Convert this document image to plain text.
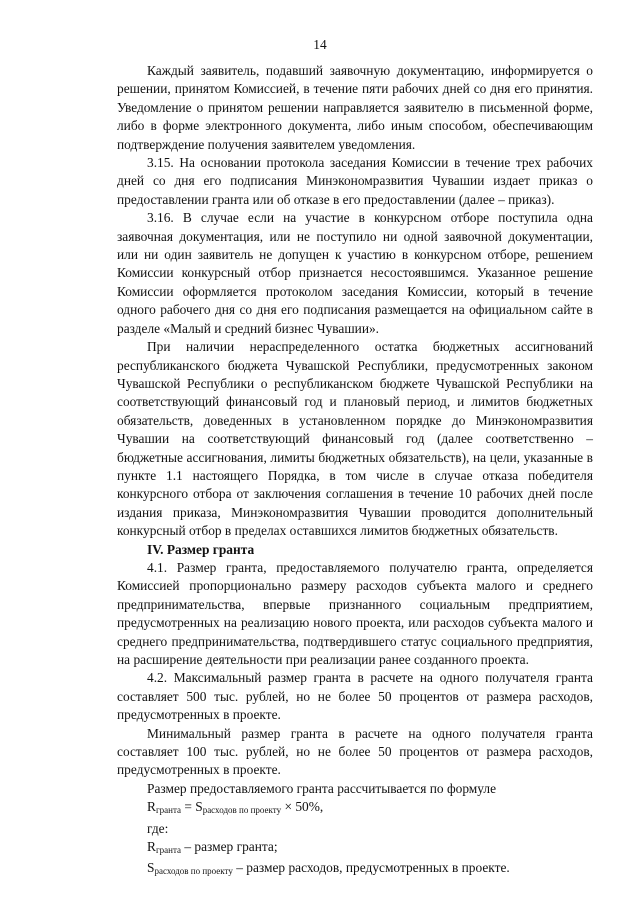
14

Каждый заявитель, подавший заявочную документацию, информируется о решении, принятом Комиссией, в течение пяти рабочих дней со дня его принятия. Уведомление о принятом решении направляется заявителю в письменной форме, либо в форме электронного документа, либо иным способом, обеспечивающим подтверждение получения заявителем уведомления.

3.15. На основании протокола заседания Комиссии в течение трех рабочих дней со дня его подписания Минэкономразвития Чувашии издает приказ о предоставлении гранта или об отказе в его предоставлении (далее – приказ).

3.16. В случае если на участие в конкурсном отборе поступила одна заявочная документация, или не поступило ни одной заявочной документации, или ни один заявитель не допущен к участию в конкурсном отборе, решением Комиссии конкурсный отбор признается несостоявшимся. Указанное решение Комиссии оформляется протоколом заседания Комиссии, который в течение одного рабочего дня со дня его подписания размещается на официальном сайте в разделе «Малый и средний бизнес Чувашии».

При наличии нераспределенного остатка бюджетных ассигнований республиканского бюджета Чувашской Республики, предусмотренных законом Чувашской Республики о республиканском бюджете Чувашской Республики на соответствующий финансовый год и плановый период, и лимитов бюджетных обязательств, доведенных в установленном порядке до Минэкономразвития Чувашии на соответствующий финансовый год (далее соответственно – бюджетные ассигнования, лимиты бюджетных обязательств), на цели, указанные в пункте 1.1 настоящего Порядка, в том числе в случае отказа победителя конкурсного отбора от заключения соглашения в течение 10 рабочих дней после издания приказа, Минэкономразвития Чувашии проводится дополнительный конкурсный отбор в пределах оставшихся лимитов бюджетных обязательств.

IV. Размер гранта

4.1. Размер гранта, предоставляемого получателю гранта, определяется Комиссией пропорционально размеру расходов субъекта малого и среднего предпринимательства, впервые признанного социальным предприятием, предусмотренных на реализацию нового проекта, или расходов субъекта малого и среднего предпринимательства, подтвердившего статус социального предприятия, на расширение деятельности при реализации ранее созданного проекта.

4.2. Максимальный размер гранта в расчете на одного получателя гранта составляет 500 тыс. рублей, но не более 50 процентов от размера расходов, предусмотренных в проекте.

Минимальный размер гранта в расчете на одного получателя гранта составляет 100 тыс. рублей, но не более 50 процентов от размера расходов, предусмотренных в проекте.

Размер предоставляемого гранта рассчитывается по формуле

$R_{гранта} = S_{расходов по проекту} \times 50\%$,

где:

$R_{гранта}$ – размер гранта;

$S_{расходов по проекту}$ – размер расходов, предусмотренных в проекте.
